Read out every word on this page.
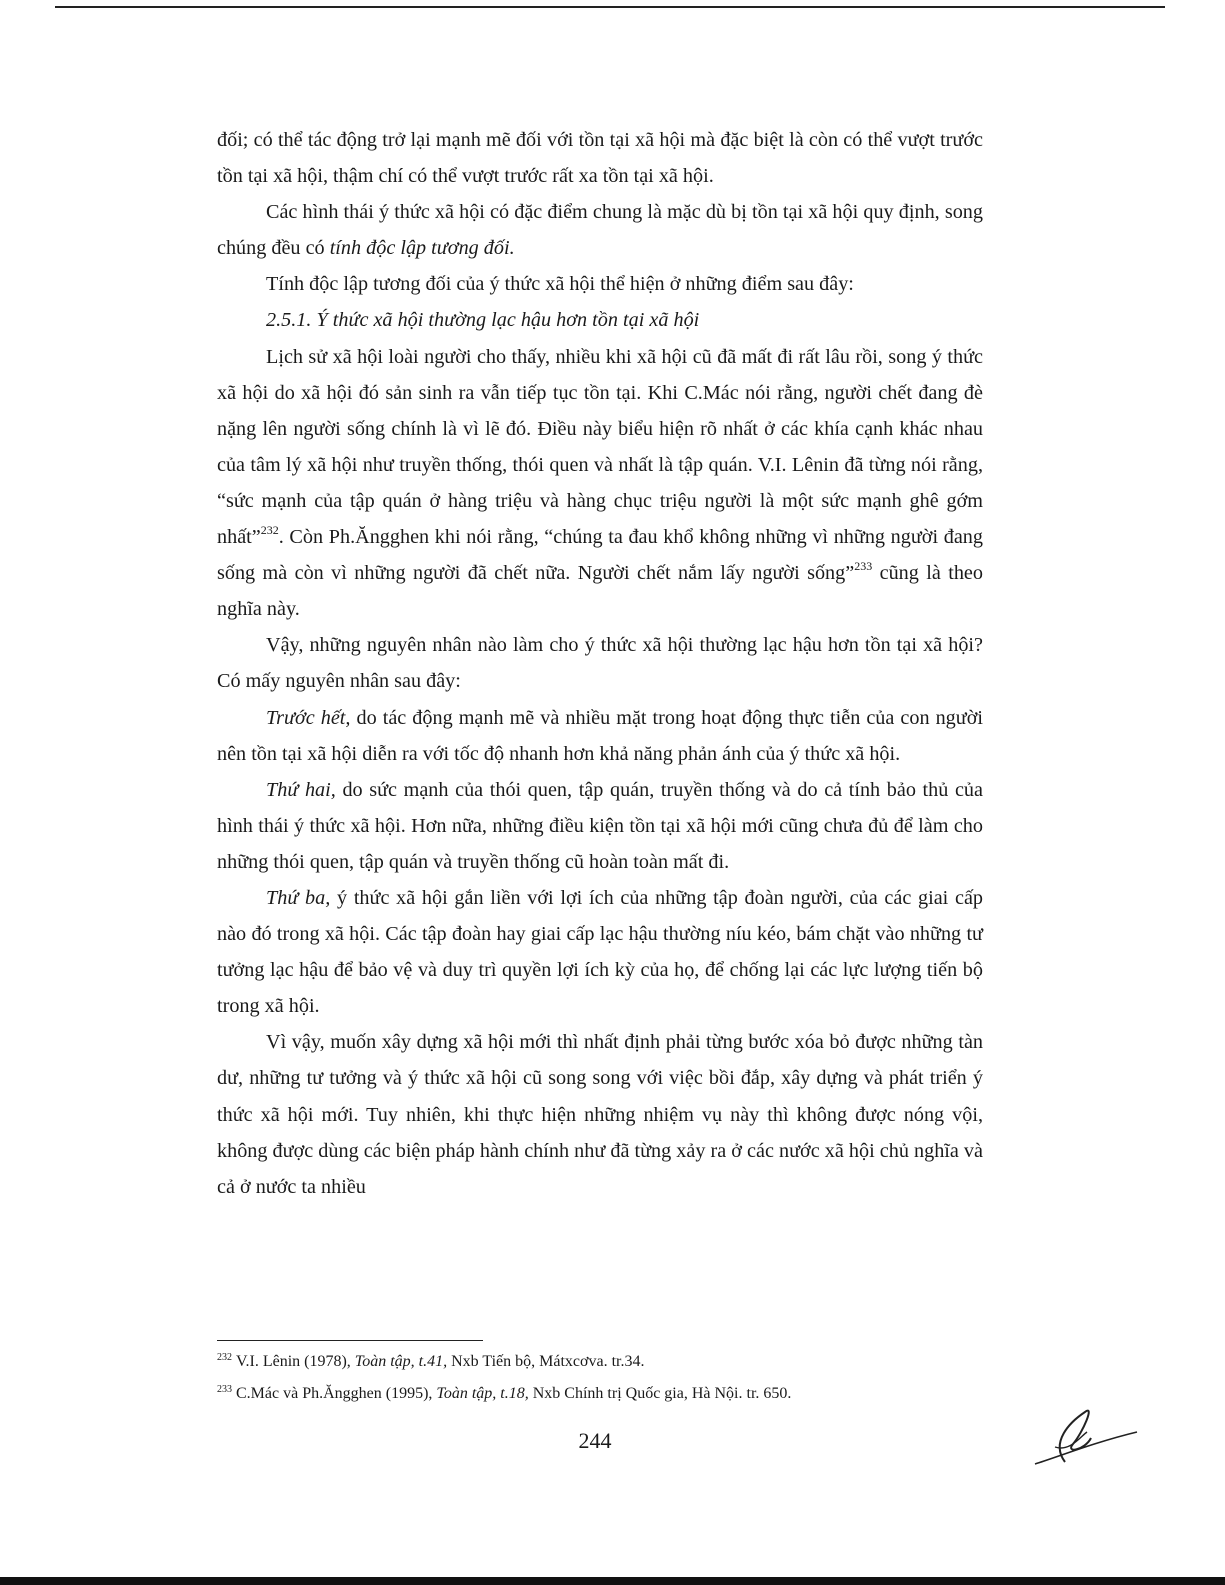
đối; có thể tác động trở lại mạnh mẽ đối với tồn tại xã hội mà đặc biệt là còn có thể vượt trước tồn tại xã hội, thậm chí có thể vượt trước rất xa tồn tại xã hội.

Các hình thái ý thức xã hội có đặc điểm chung là mặc dù bị tồn tại xã hội quy định, song chúng đều có tính độc lập tương đối.

Tính độc lập tương đối của ý thức xã hội thể hiện ở những điểm sau đây:

2.5.1. Ý thức xã hội thường lạc hậu hơn tồn tại xã hội

Lịch sử xã hội loài người cho thấy, nhiều khi xã hội cũ đã mất đi rất lâu rồi, song ý thức xã hội do xã hội đó sản sinh ra vẫn tiếp tục tồn tại. Khi C.Mác nói rằng, người chết đang đè nặng lên người sống chính là vì lẽ đó. Điều này biểu hiện rõ nhất ở các khía cạnh khác nhau của tâm lý xã hội như truyền thống, thói quen và nhất là tập quán. V.I. Lênin đã từng nói rằng, “sức mạnh của tập quán ở hàng triệu và hàng chục triệu người là một sức mạnh ghê gớm nhất”$^{232}$. Còn Ph.Ăngghen khi nói rằng, “chúng ta đau khổ không những vì những người đang sống mà còn vì những người đã chết nữa. Người chết nắm lấy người sống”$^{233}$ cũng là theo nghĩa này.

Vậy, những nguyên nhân nào làm cho ý thức xã hội thường lạc hậu hơn tồn tại xã hội? Có mấy nguyên nhân sau đây:

Trước hết, do tác động mạnh mẽ và nhiều mặt trong hoạt động thực tiễn của con người nên tồn tại xã hội diễn ra với tốc độ nhanh hơn khả năng phản ánh của ý thức xã hội.

Thứ hai, do sức mạnh của thói quen, tập quán, truyền thống và do cả tính bảo thủ của hình thái ý thức xã hội. Hơn nữa, những điều kiện tồn tại xã hội mới cũng chưa đủ để làm cho những thói quen, tập quán và truyền thống cũ hoàn toàn mất đi.

Thứ ba, ý thức xã hội gắn liền với lợi ích của những tập đoàn người, của các giai cấp nào đó trong xã hội. Các tập đoàn hay giai cấp lạc hậu thường níu kéo, bám chặt vào những tư tưởng lạc hậu để bảo vệ và duy trì quyền lợi ích kỳ của họ, để chống lại các lực lượng tiến bộ trong xã hội.

Vì vậy, muốn xây dựng xã hội mới thì nhất định phải từng bước xóa bỏ được những tàn dư, những tư tưởng và ý thức xã hội cũ song song với việc bồi đắp, xây dựng và phát triển ý thức xã hội mới. Tuy nhiên, khi thực hiện những nhiệm vụ này thì không được nóng vội, không được dùng các biện pháp hành chính như đã từng xảy ra ở các nước xã hội chủ nghĩa và cả ở nước ta nhiều

$^{232}$ V.I. Lênin (1978), Toàn tập, t.41, Nxb Tiến bộ, Mátxcơva. tr.34.

$^{233}$ C.Mác và Ph.Ăngghen (1995), Toàn tập, t.18, Nxb Chính trị Quốc gia, Hà Nội. tr. 650.

244
